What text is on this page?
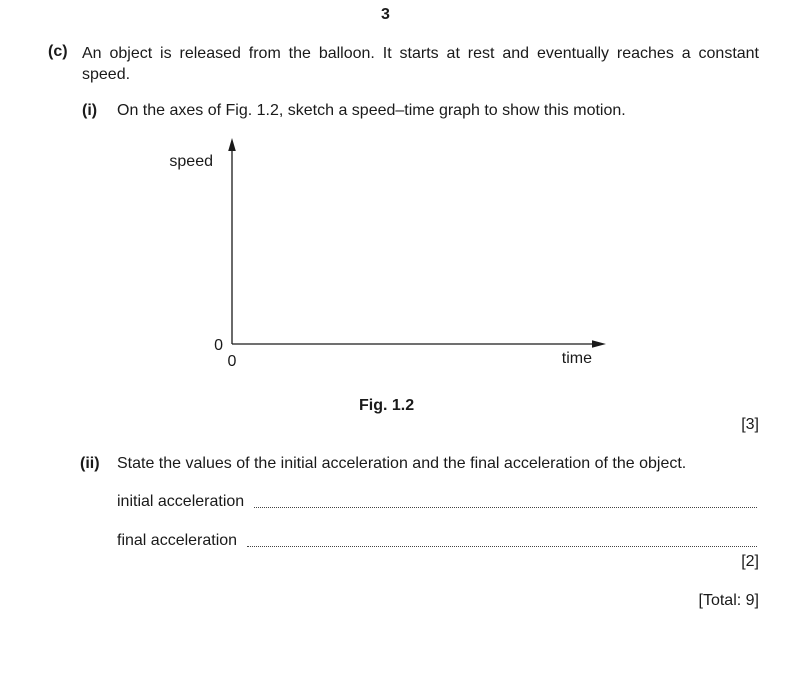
3
(c) An object is released from the balloon. It starts at rest and eventually reaches a constant speed.
(i) On the axes of Fig. 1.2, sketch a speed–time graph to show this motion.
speed
0
0	time
Fig. 1.2
[3]
(ii) State the values of the initial acceleration and the final acceleration of the object.
initial acceleration
final acceleration
[2]
[Total: 9]
